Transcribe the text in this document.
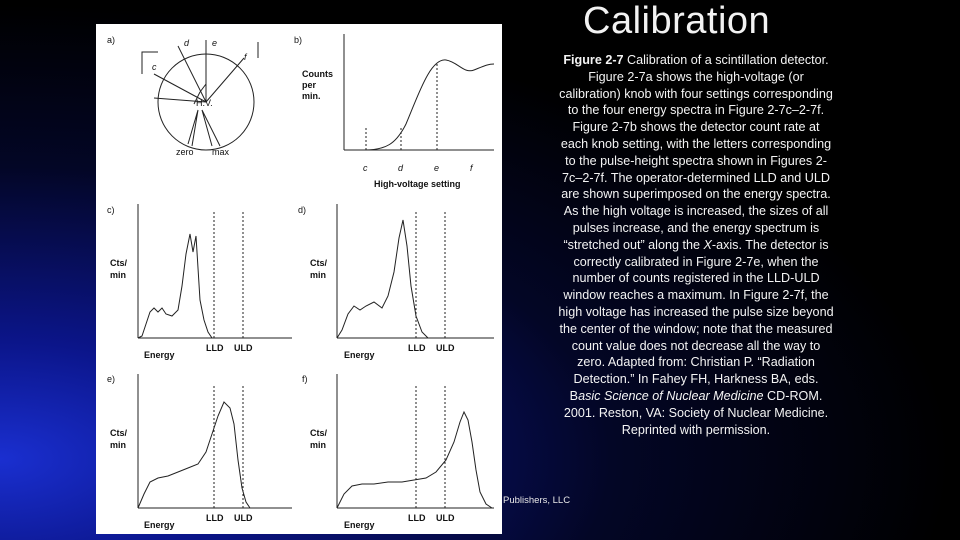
Calibration
a)
c
d	e
f
H.V.
zero max
b)
Counts
per
min.
c	d	e	f
High-voltage setting
c)
Cts/
min
Energy
LLD ULD
d)
Cts/
min
Energy
LLD ULD
e)
Cts/
min
Energy
LLD ULD
f)
Cts/
min
Energy
LLD ULD
Figure 2-7 Calibration of a scintillation detector. Figure 2-7a shows the high-voltage (or calibration) knob with four settings corresponding to the four energy spectra in Figure 2-7c–2-7f. Figure 2-7b shows the detector count rate at each knob setting, with the letters corresponding to the pulse-height spectra shown in Figures 2-7c–2-7f. The operator-determined LLD and ULD are shown superimposed on the energy spectra. As the high voltage is increased, the sizes of all pulses increase, and the energy spectrum is “stretched out” along the X-axis. The detector is correctly calibrated in Figure 2-7e, when the number of counts registered in the LLD-ULD window reaches a maximum. In Figure 2-7f, the high voltage has increased the pulse size beyond the center of the window; note that the measured count value does not decrease all the way to zero. Adapted from: Christian P. “Radiation Detection.” In Fahey FH, Harkness BA, eds. Basic Science of Nuclear Medicine CD-ROM. 2001. Reston, VA: Society of Nuclear Medicine. Reprinted with permission.
Publishers, LLC
